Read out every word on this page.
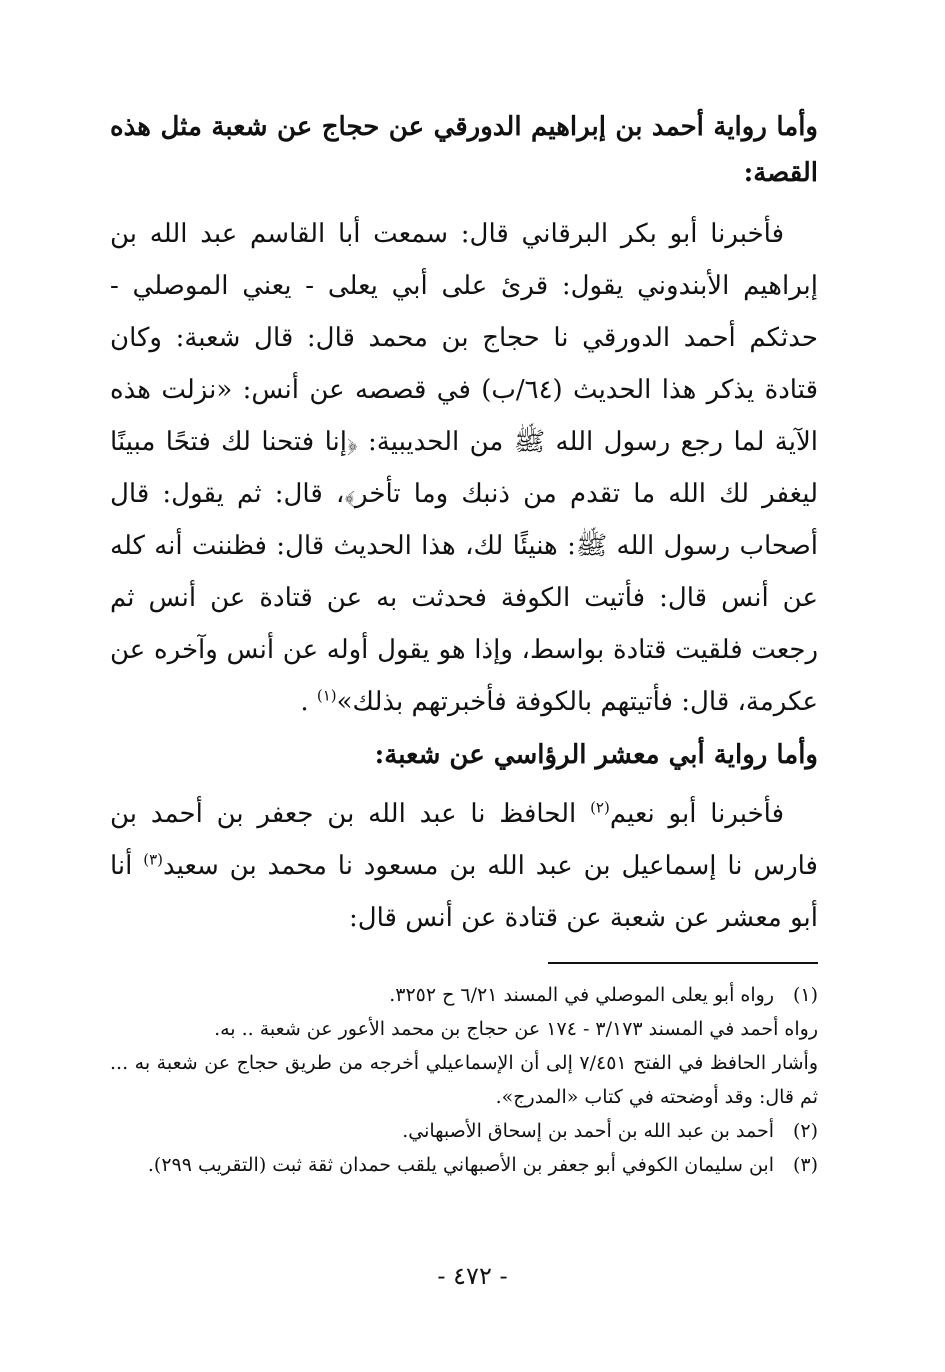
وأما رواية أحمد بن إبراهيم الدورقي عن حجاج عن شعبة مثل هذه القصة:

فأخبرنا أبو بكر البرقاني قال: سمعت أبا القاسم عبد الله بن إبراهيم الأبندوني يقول: قرئ على أبي يعلى - يعني الموصلي - حدثكم أحمد الدورقي نا حجاج بن محمد قال: قال شعبة: وكان قتادة يذكر هذا الحديث (٦٤/ب) في قصصه عن أنس: «نزلت هذه الآية لما رجع رسول الله ﷺ من الحديبية: ﴿إنا فتحنا لك فتحًا مبينًا ليغفر لك الله ما تقدم من ذنبك وما تأخر﴾، قال: ثم يقول: قال أصحاب رسول الله ﷺ: هنيئًا لك، هذا الحديث قال: فظننت أنه كله عن أنس قال: فأتيت الكوفة فحدثت به عن قتادة عن أنس ثم رجعت فلقيت قتادة بواسط، وإذا هو يقول أوله عن أنس وآخره عن عكرمة، قال: فأتيتهم بالكوفة فأخبرتهم بذلك»$^{(١)}$ .

وأما رواية أبي معشر الرؤاسي عن شعبة:

فأخبرنا أبو نعيم$^{(٢)}$ الحافظ نا عبد الله بن جعفر بن أحمد بن فارس نا إسماعيل بن عبد الله بن مسعود نا محمد بن سعيد$^{(٣)}$ أنا أبو معشر عن شعبة عن قتادة عن أنس قال:

(١)
رواه أبو يعلى الموصلي في المسند ٦/٢١ ح ٣٢٥٢.
رواه أحمد في المسند ٣/١٧٣ - ١٧٤ عن حجاج بن محمد الأعور عن شعبة .. به.
وأشار الحافظ في الفتح ٧/٤٥١ إلى أن الإسماعيلي أخرجه من طريق حجاج عن شعبة به ... ثم قال: وقد أوضحته في كتاب «المدرج».
(٢)
أحمد بن عبد الله بن أحمد بن إسحاق الأصبهاني.
(٣)
ابن سليمان الكوفي أبو جعفر بن الأصبهاني يلقب حمدان ثقة ثبت (التقريب ٢٩٩).
- ٤٧٢ -
